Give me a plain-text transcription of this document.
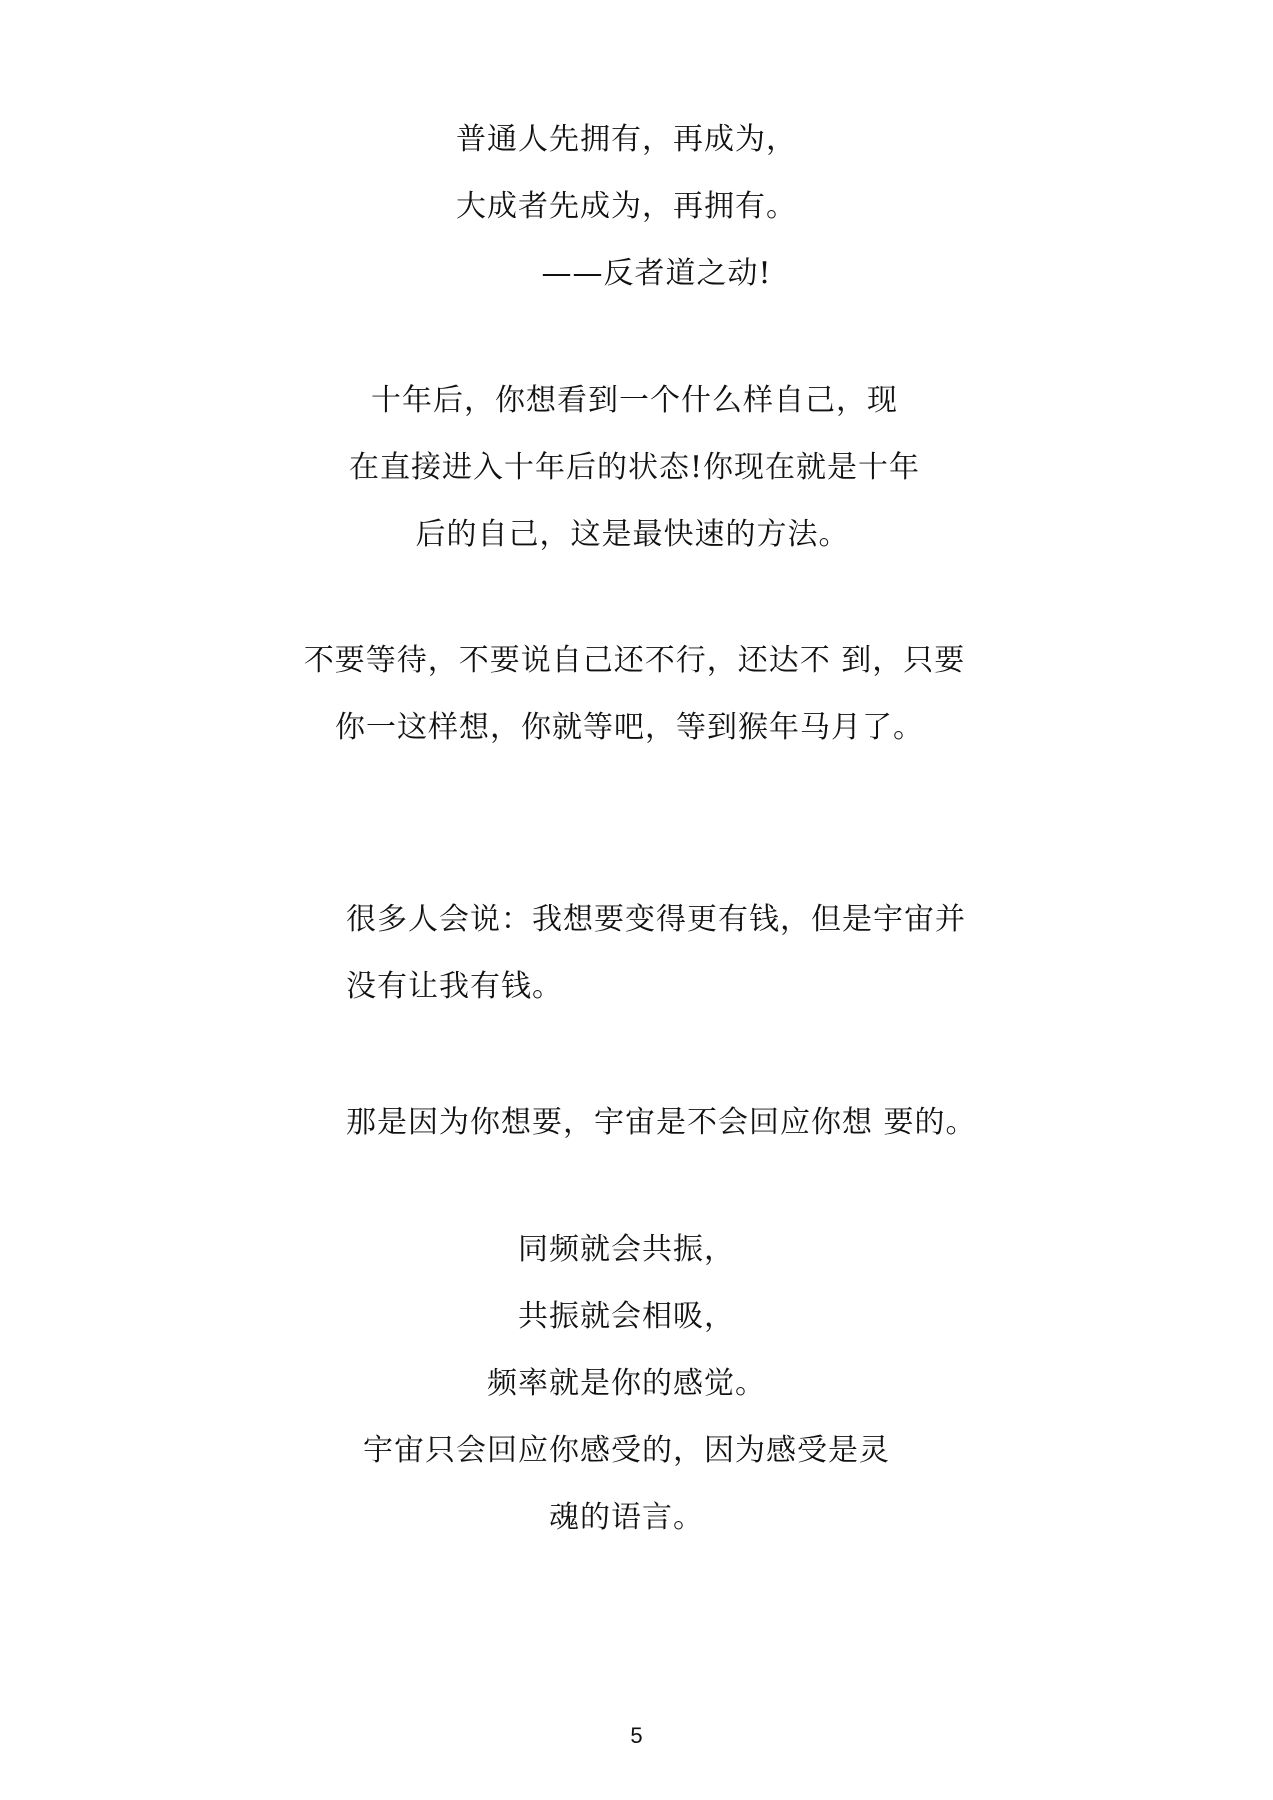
普通人先拥有，再成为，
大成者先成为，再拥有。
——反者道之动!
十年后，你想看到一个什么样自己，现
在直接进入十年后的状态!你现在就是十年
后的自己，这是最快速的方法。
不要等待，不要说自己还不行，还达不 到，只要
你一这样想，你就等吧，等到猴年马月了。
很多人会说：我想要变得更有钱，但是宇宙并
没有让我有钱。
那是因为你想要，宇宙是不会回应你想 要的。
同频就会共振，
共振就会相吸，
频率就是你的感觉。
宇宙只会回应你感受的，因为感受是灵
魂的语言。
5
